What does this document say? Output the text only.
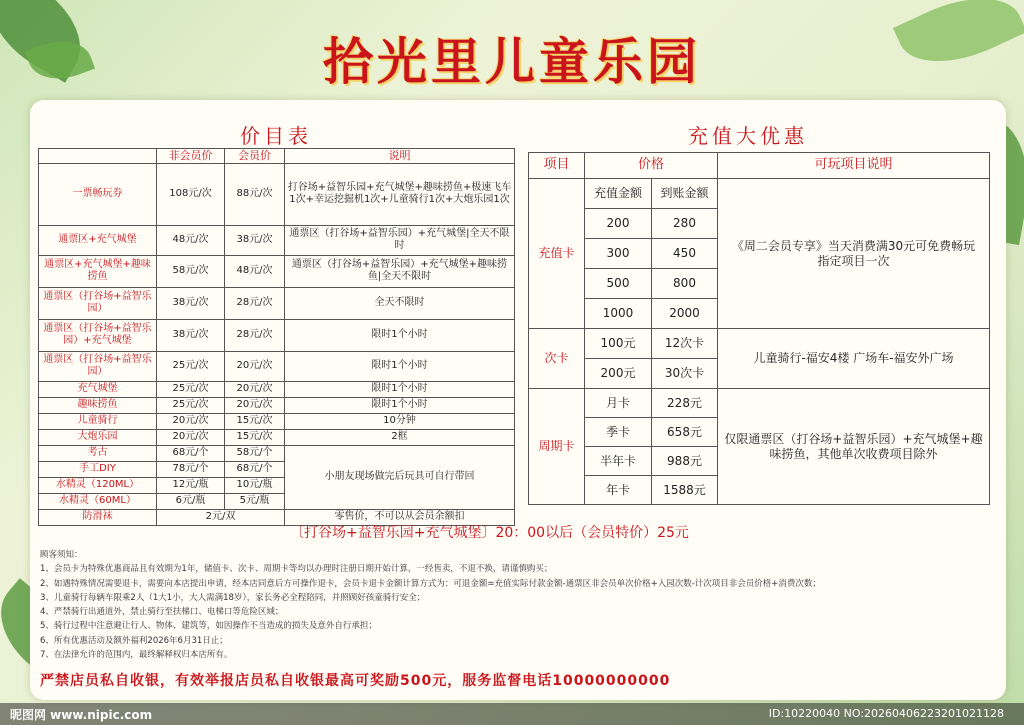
拾光里儿童乐园
价目表	充值大优惠
	非会员价	会员价	说明
一票畅玩券	108元/次	88元/次	打谷场+益智乐园+充气城堡+趣味捞鱼+极速飞车1次+幸运挖掘机1次+儿童骑行1次+大炮乐园1次
通票区+充气城堡	48元/次	38元/次	通票区（打谷场+益智乐园）+充气城堡|全天不限时
通票区+充气城堡+趣味捞鱼	58元/次	48元/次	通票区（打谷场+益智乐园）+充气城堡+趣味捞鱼|全天不限时
通票区（打谷场+益智乐园）	38元/次	28元/次	全天不限时
通票区（打谷场+益智乐园）+充气城堡	38元/次	28元/次	限时1个小时
通票区（打谷场+益智乐园）	25元/次	20元/次	限时1个小时
充气城堡	25元/次	20元/次	限时1个小时
趣味捞鱼	25元/次	20元/次	限时1个小时
儿童骑行	20元/次	15元/次	10分钟
大炮乐园	20元/次	15元/次	2框
考古	68元/个	58元/个	小朋友现场做完后玩具可自行带回
手工DIY	78元/个	68元/个	
水精灵（120ML）	12元/瓶	10元/瓶	
水精灵（60ML）	6元/瓶	5元/瓶	
防滑袜	2元/双		零售价，不可以从会员余额扣
项目	价格		可玩项目说明
充值卡	充值金额	到账金额	《周二会员专享》当天消费满30元可免费畅玩指定项目一次
	200	280	
	300	450	
	500	800	
	1000	2000	
次卡	100元	12次卡	儿童骑行-福安4楼 广场车-福安外广场
	200元	30次卡	
周期卡	月卡	228元	仅限通票区（打谷场+益智乐园）+充气城堡+趣味捞鱼，其他单次收费项目除外
	季卡	658元	
	半年卡	988元	
	年卡	1588元	
〔打谷场+益智乐园+充气城堡〕20：00以后（会员特价）25元
顾客须知：
1、会员卡为特殊优惠商品且有效期为1年，储值卡、次卡、周期卡等均以办理时注册日期开始计算，一经售卖，不退不换，请谨慎购买；
2、如遇特殊情况需要退卡，需要向本店提出申请，经本店同意后方可操作退卡，会员卡退卡金额计算方式为：可退金额=充值实际付款金额-通票区非会员单次价格+入园次数-计次项目非会员价格+消费次数；
3、儿童骑行每辆车限乘2人（1大1小，大人需满18岁），家长务必全程陪同，并照顾好孩童骑行安全；
4、严禁骑行出通道外，禁止骑行至扶梯口、电梯口等危险区域；
5、骑行过程中注意避让行人、物体、建筑等，如因操作不当造成的损失及意外自行承担；
6、所有优惠活动及额外福利2026年6月31日止；
7、在法律允许的范围内，最终解释权归本店所有。
严禁店员私自收银，有效举报店员私自收银最高可奖励500元，服务监督电话10000000000
昵图网 www.nipic.com	ID:10220040 NO:20260406223201021128
